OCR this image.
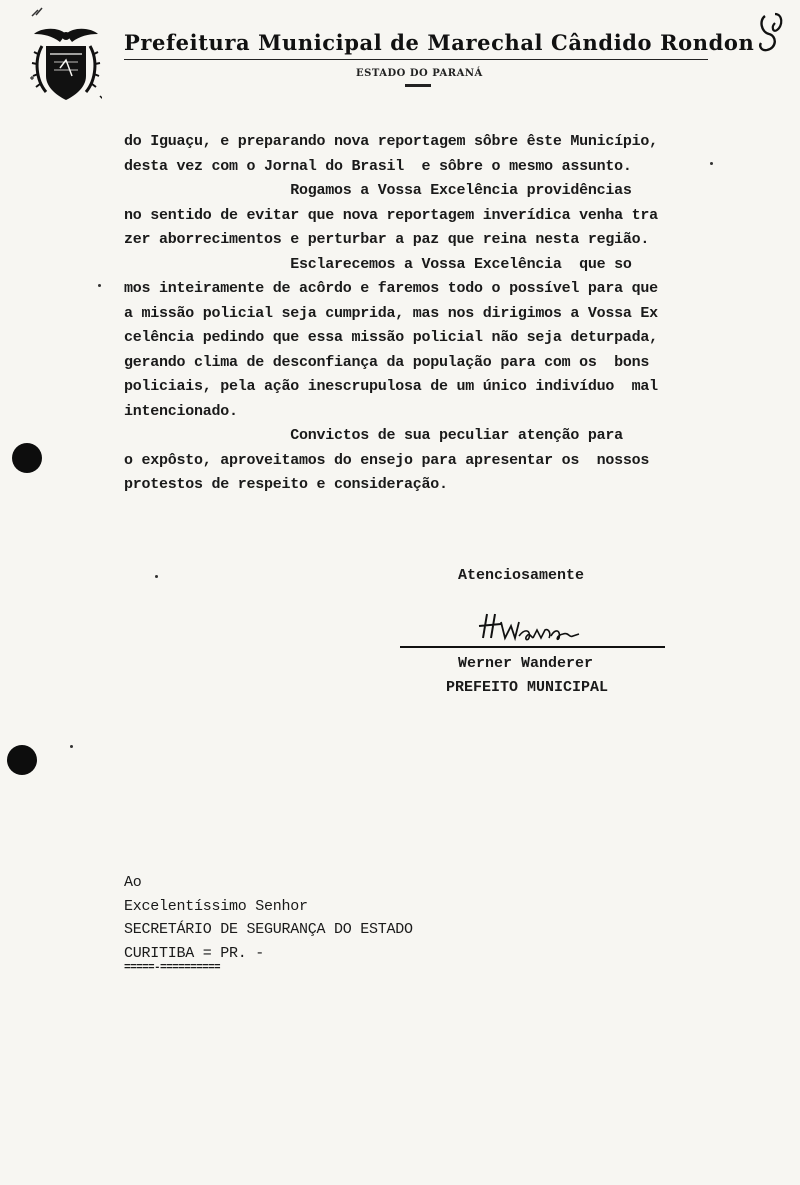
Prefeitura Municipal de Marechal Cândido Rondon
ESTADO DO PARANÁ
do Iguaçu, e preparando nova reportagem sôbre êste Município,
desta vez com o Jornal do Brasil  e sôbre o mesmo assunto.
Rogamos a Vossa Excelência providências
no sentido de evitar que nova reportagem inverídica venha tra
zer aborrecimentos e perturbar a paz que reina nesta região.
Esclarecemos a Vossa Excelência  que so
mos inteiramente de acôrdo e faremos todo o possível para que
a missão policial seja cumprida, mas nos dirigimos a Vossa Ex
celência pedindo que essa missão policial não seja deturpada,
gerando clima de desconfiança da população para com os  bons
policiais, pela ação inescrupulosa de um único indivíduo  mal
intencionado.
Convictos de sua peculiar atenção para
o expôsto, aproveitamos do ensejo para apresentar os  nossos
protestos de respeito e consideração.
Atenciosamente
Werner Wanderer
PREFEITO MUNICIPAL
Ao
Excelentíssimo Senhor
SECRETÁRIO DE SEGURANÇA DO ESTADO
CURITIBA = PR. -
=====-==========
